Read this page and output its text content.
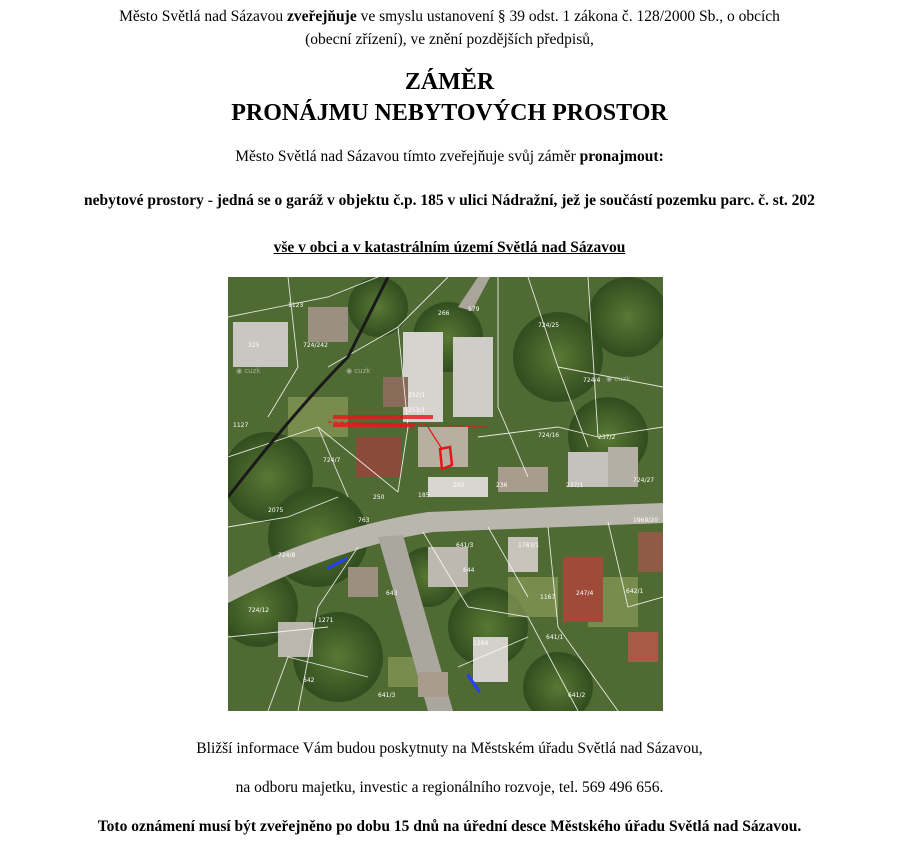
Město Světlá nad Sázavou zveřejňuje ve smyslu ustanovení § 39 odst. 1 zákona č. 128/2000 Sb., o obcích
(obecní zřízení), ve znění pozdějších předpisů,
ZÁMĚR
PRONÁJMU NEBYTOVÝCH PROSTOR
Město Světlá nad Sázavou tímto zveřejňuje svůj záměr pronajmout:
nebytové prostory - jedná se o garáž v objektu č.p. 185 v ulici Nádražní, jež je součástí pozemku parc. č. st. 202
vše v obci a v katastrálním území Světlá nad Sázavou
1123
266
579
325	724/242
724/25
724/4
1127
252/1
253/1
724/7
724/16	237/2
724/27
202	236	237/1
185
250
763	1969/20
724/8
2075
641/3	1783/1
644
1167
247/4	642/1
643
1271
724/12
1264
641/1
642
641/3	641/2
◉ cuzk
◉ cuzk
◉ cuzk
Bližší informace Vám budou poskytnuty na Městském úřadu Světlá nad Sázavou,
na odboru majetku, investic a regionálního rozvoje, tel. 569 496 656.
Toto oznámení musí být zveřejněno po dobu 15 dnů na úřední desce Městského úřadu Světlá nad Sázavou.
